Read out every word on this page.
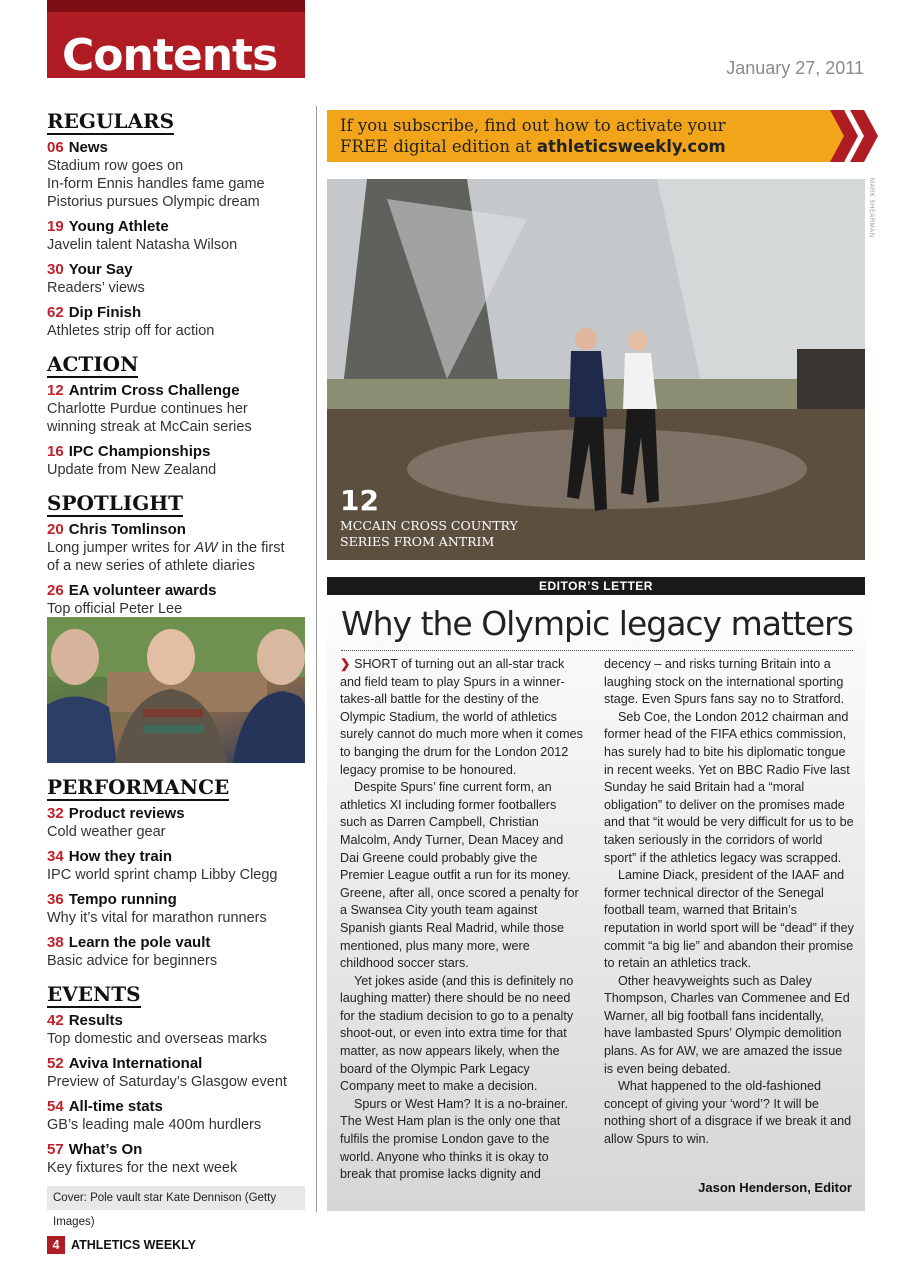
Contents	January 27, 2011
REGULARS
06 News
Stadium row goes on
In-form Ennis handles fame game
Pistorius pursues Olympic dream
19 Young Athlete
Javelin talent Natasha Wilson
30 Your Say
Readers’ views
62 Dip Finish
Athletes strip off for action
ACTION
12 Antrim Cross Challenge
Charlotte Purdue continues her
winning streak at McCain series
16 IPC Championships
Update from New Zealand
SPOTLIGHT
20 Chris Tomlinson
Long jumper writes for AW in the first
of a new series of athlete diaries
26 EA volunteer awards
Top official Peter Lee
PERFORMANCE
32 Product reviews
Cold weather gear
34 How they train
IPC world sprint champ Libby Clegg
36 Tempo running
Why it’s vital for marathon runners
38 Learn the pole vault
Basic advice for beginners
EVENTS
42 Results
Top domestic and overseas marks
52 Aviva International
Preview of Saturday’s Glasgow event
54 All-time stats
GB’s leading male 400m hurdlers
57 What’s On
Key fixtures for the next week
Cover: Pole vault star Kate Dennison (Getty Images)
If you subscribe, find out how to activate your
FREE digital edition at athleticsweekly.com
MARK SHEARMAN
12
MCCAIN CROSS COUNTRY
SERIES FROM ANTRIM
EDITOR’S LETTER
Why the Olympic legacy matters

❯ SHORT of turning out an all-star track and field team to play Spurs in a winner-takes-all battle for the destiny of the Olympic Stadium, the world of athletics surely cannot do much more when it comes to banging the drum for the London 2012 legacy promise to be honoured.

Despite Spurs’ fine current form, an athletics XI including former footballers such as Darren Campbell, Christian Malcolm, Andy Turner, Dean Macey and Dai Greene could probably give the Premier League outfit a run for its money. Greene, after all, once scored a penalty for a Swansea City youth team against Spanish giants Real Madrid, while those mentioned, plus many more, were childhood soccer stars.

Yet jokes aside (and this is definitely no laughing matter) there should be no need for the stadium decision to go to a penalty shoot-out, or even into extra time for that matter, as now appears likely, when the board of the Olympic Park Legacy Company meet to make a decision.

Spurs or West Ham? It is a no-brainer. The West Ham plan is the only one that fulfils the promise London gave to the world. Anyone who thinks it is okay to break that promise lacks dignity and

decency – and risks turning Britain into a laughing stock on the international sporting stage. Even Spurs fans say no to Stratford.

Seb Coe, the London 2012 chairman and former head of the FIFA ethics commission, has surely had to bite his diplomatic tongue in recent weeks. Yet on BBC Radio Five last Sunday he said Britain had a “moral obligation” to deliver on the promises made and that “it would be very difficult for us to be taken seriously in the corridors of world sport” if the athletics legacy was scrapped.

Lamine Diack, president of the IAAF and former technical director of the Senegal football team, warned that Britain’s reputation in world sport will be “dead” if they commit “a big lie” and abandon their promise to retain an athletics track.

Other heavyweights such as Daley Thompson, Charles van Commenee and Ed Warner, all big football fans incidentally, have lambasted Spurs’ Olympic demolition plans. As for AW, we are amazed the issue is even being debated.

What happened to the old-fashioned concept of giving your ‘word’? It will be nothing short of a disgrace if we break it and allow Spurs to win.

Jason Henderson, Editor
4 ATHLETICS WEEKLY
